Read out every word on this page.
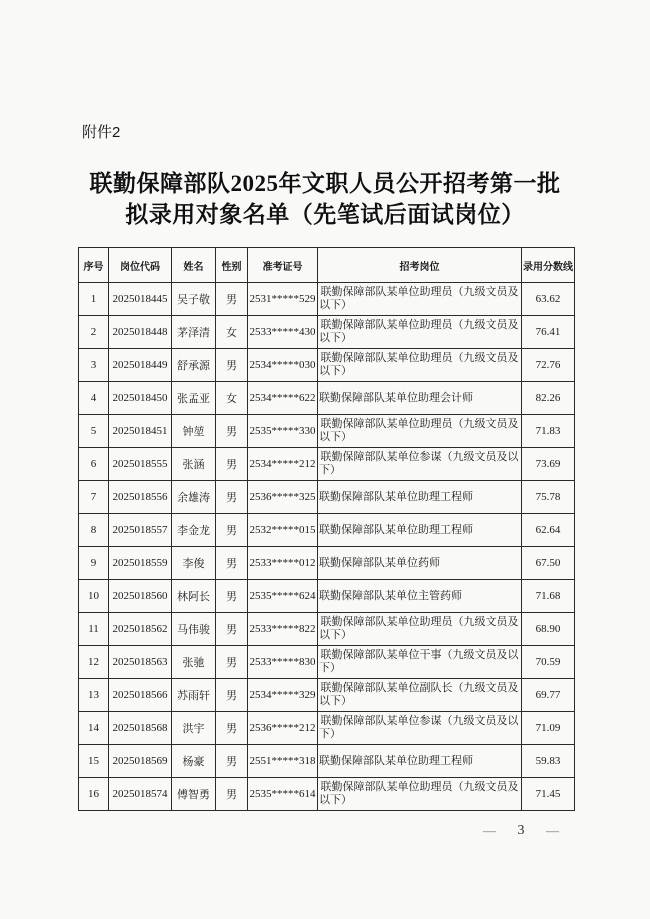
附件2
联勤保障部队2025年文职人员公开招考第一批
拟录用对象名单（先笔试后面试岗位）
序号	岗位代码	姓名	性别	准考证号	招考岗位	录用分数线
1	2025018445	吴子敬	男	2531*****529	联勤保障部队某单位助理员（九级文员及以下）	63.62
2	2025018448	茅泽清	女	2533*****430	联勤保障部队某单位助理员（九级文员及以下）	76.41
3	2025018449	舒承源	男	2534*****030	联勤保障部队某单位助理员（九级文员及以下）	72.76
4	2025018450	张孟亚	女	2534*****622	联勤保障部队某单位助理会计师	82.26
5	2025018451	钟堃	男	2535*****330	联勤保障部队某单位助理员（九级文员及以下）	71.83
6	2025018555	张涵	男	2534*****212	联勤保障部队某单位参谋（九级文员及以下）	73.69
7	2025018556	余雄涛	男	2536*****325	联勤保障部队某单位助理工程师	75.78
8	2025018557	李金龙	男	2532*****015	联勤保障部队某单位助理工程师	62.64
9	2025018559	李俊	男	2533*****012	联勤保障部队某单位药师	67.50
10	2025018560	林阿长	男	2535*****624	联勤保障部队某单位主管药师	71.68
11	2025018562	马伟骏	男	2533*****822	联勤保障部队某单位助理员（九级文员及以下）	68.90
12	2025018563	张驰	男	2533*****830	联勤保障部队某单位干事（九级文员及以下）	70.59
13	2025018566	苏雨轩	男	2534*****329	联勤保障部队某单位副队长（九级文员及以下）	69.77
14	2025018568	洪宇	男	2536*****212	联勤保障部队某单位参谋（九级文员及以下）	71.09
15	2025018569	杨豪	男	2551*****318	联勤保障部队某单位助理工程师	59.83
16	2025018574	傅智勇	男	2535*****614	联勤保障部队某单位助理员（九级文员及以下）	71.45
— 3 —
